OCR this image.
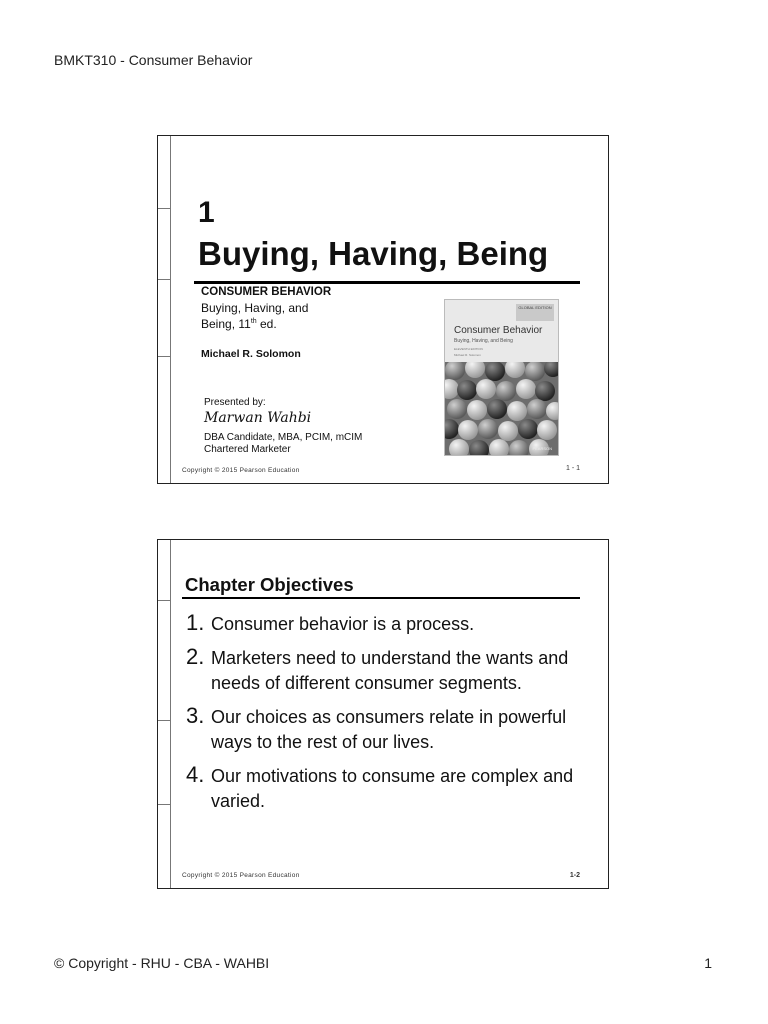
BMKT310 - Consumer Behavior
1
Buying, Having, Being
CONSUMER BEHAVIOR
Buying, Having, and
Being, 11th ed.
Michael R. Solomon
Presented by:
Marwan Wahbi
DBA Candidate, MBA, PCIM, mCIM
Chartered Marketer
GLOBAL EDITION
Consumer Behavior
Buying, Having, and Being
ELEVENTH EDITION
Michael R. Solomon
PEARSON
Copyright © 2015 Pearson Education	1 - 1
Chapter Objectives
1. Consumer behavior is a process.
2. Marketers need to understand the wants and needs of different consumer segments.
3. Our choices as consumers relate in powerful ways to the rest of our lives.
4. Our motivations to consume are complex and varied.
Copyright © 2015 Pearson Education	1-2
© Copyright - RHU - CBA - WAHBI	1
